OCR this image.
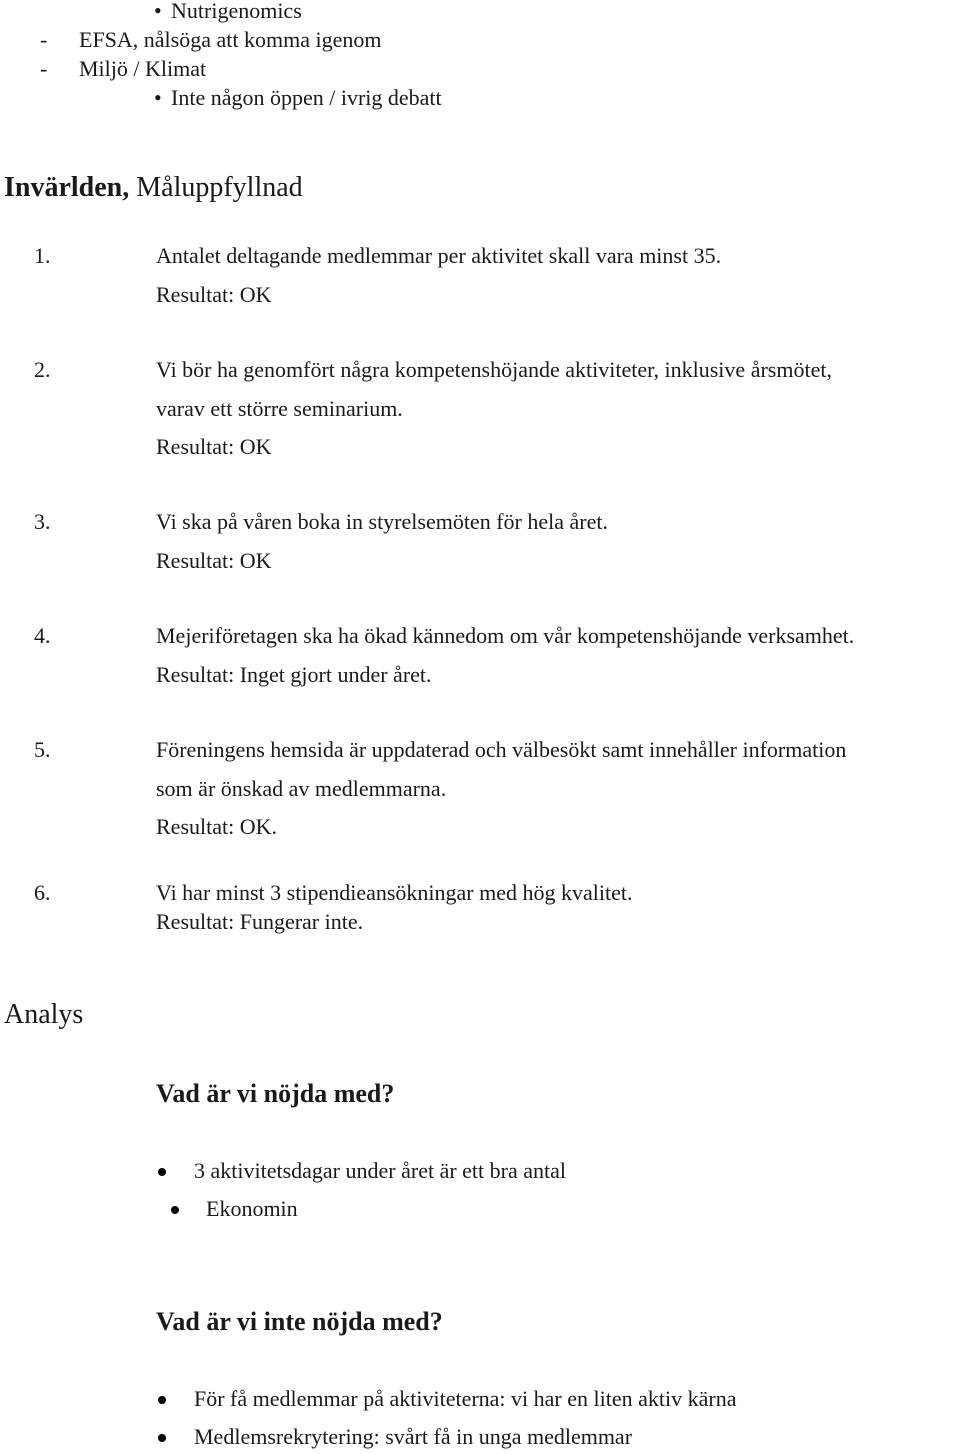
• Nutrigenomics
- EFSA, nålsöga att komma igenom
- Miljö / Klimat
• Inte någon öppen / ivrig debatt
Invärlden, Måluppfyllnad
1.	Antalet deltagande medlemmar per aktivitet skall vara minst 35.
Resultat: OK
2.	Vi bör ha genomfört några kompetenshöjande aktiviteter, inklusive årsmötet,
varav ett större seminarium.
Resultat: OK
3.	Vi ska på våren boka in styrelsemöten för hela året.
Resultat: OK
4.	Mejeriföretagen ska ha ökad kännedom om vår kompetenshöjande verksamhet.
Resultat: Inget gjort under året.
5.	Föreningens hemsida är uppdaterad och välbesökt samt innehåller information
som är önskad av medlemmarna.
Resultat: OK.
6.	Vi har minst 3 stipendieansökningar med hög kvalitet.
Resultat: Fungerar inte.
Analys
Vad är vi nöjda med?
3 aktivitetsdagar under året är ett bra antal
Ekonomin
Vad är vi inte nöjda med?
För få medlemmar på aktiviteterna: vi har en liten aktiv kärna
Medlemsrekrytering: svårt få in unga medlemmar
